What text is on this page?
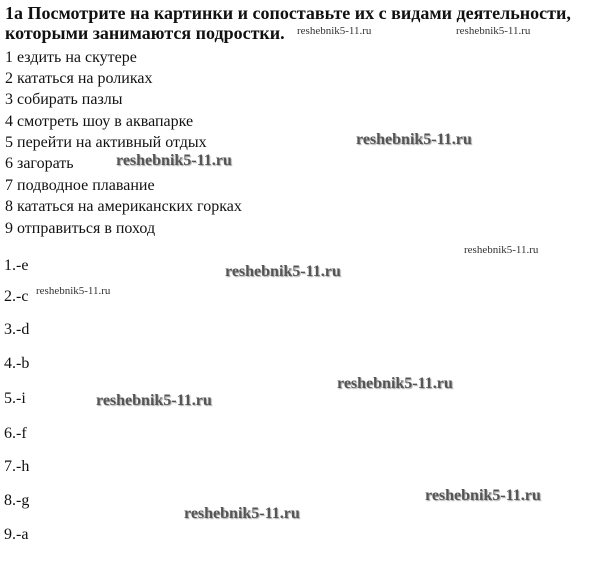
1а Посмотрите на картинки и сопоставьте их с видами деятельности,
которыми занимаются подростки.	reshebnik5-11.ru	reshebnik5-11.ru
reshebnik5-11.ru
reshebnik5-11.ru
1 ездить на скутере
2 кататься на роликах
3 собирать пазлы
4 смотреть шоу в аквапарке
5 перейти на активный отдых
6 загорать
7 подводное плавание
8 кататься на американских горках
9 отправиться в поход
1.-e
2.-c
3.-d
4.-b
5.-i
6.-f
7.-h
8.-g
9.-a
reshebnik5-11.ru
reshebnik5-11.ru
reshebnik5-11.ru
reshebnik5-11.ru
reshebnik5-11.ru
reshebnik5-11.ru
reshebnik5-11.ru
